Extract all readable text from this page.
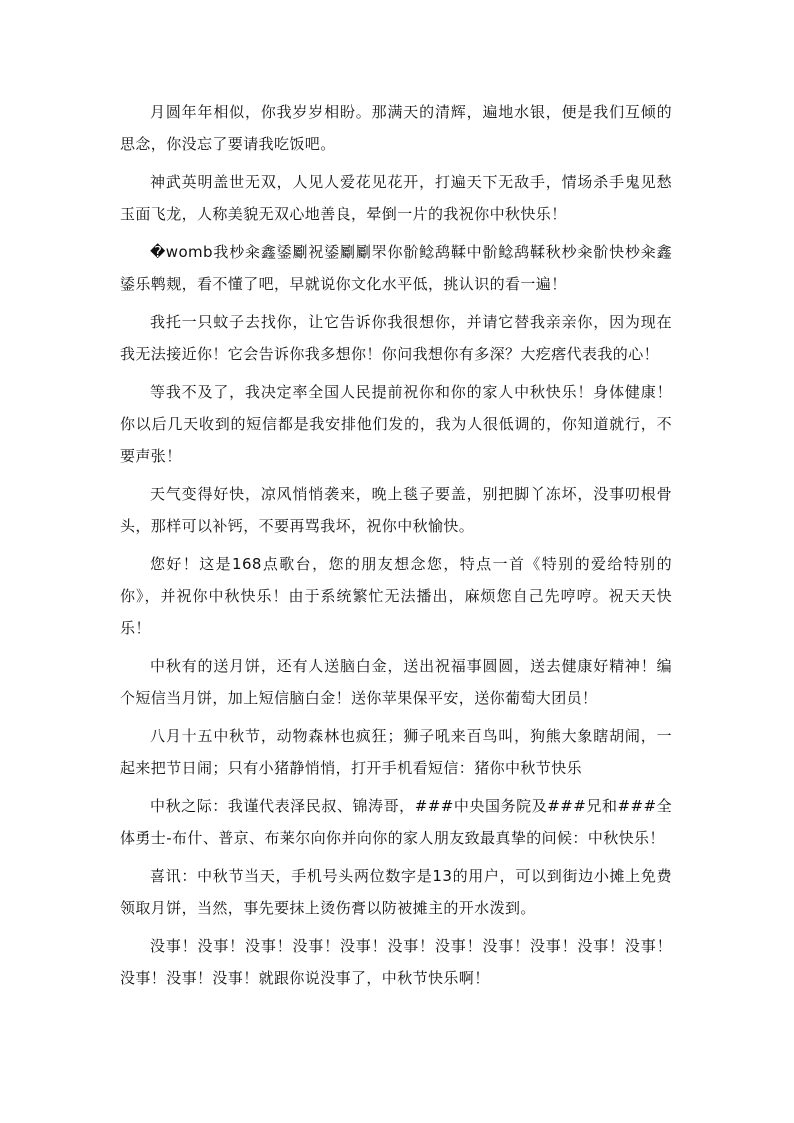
月圆年年相似，你我岁岁相盼。那满天的清辉，遍地水银，便是我们互倾的思念，你没忘了要请我吃饭吧。

神武英明盖世无双，人见人爱花见花开，打遍天下无敌手，情场杀手鬼见愁玉面飞龙，人称美貌无双心地善良，晕倒一片的我祝你中秋快乐！

�womb我杪籴鑫鋈劚祝鋈劚劚罘你骱鲶鸹鞣中骱鲶鸹鞣秋杪籴骱快杪籴鑫鋈乐鹎觌，看不懂了吧，早就说你文化水平低，挑认识的看一遍！

我托一只蚊子去找你，让它告诉你我很想你，并请它替我亲亲你，因为现在我无法接近你！它会告诉你我多想你！你问我想你有多深？大疙瘩代表我的心！

等我不及了，我决定率全国人民提前祝你和你的家人中秋快乐！身体健康！你以后几天收到的短信都是我安排他们发的，我为人很低调的，你知道就行，不要声张！

天气变得好快，凉风悄悄袭来，晚上毯子要盖，别把脚丫冻坏，没事叨根骨头，那样可以补钙，不要再骂我坏，祝你中秋愉快。

您好！这是168点歌台，您的朋友想念您，特点一首《特别的爱给特别的你》，并祝你中秋快乐！由于系统繁忙无法播出，麻烦您自己先哼哼。祝天天快乐！

中秋有的送月饼，还有人送脑白金，送出祝福事圆圆，送去健康好精神！编个短信当月饼，加上短信脑白金！送你苹果保平安，送你葡萄大团员！

八月十五中秋节，动物森林也疯狂；狮子吼来百鸟叫，狗熊大象瞎胡闹，一起来把节日闹；只有小猪静悄悄，打开手机看短信：猪你中秋节快乐

中秋之际：我谨代表泽民叔、锦涛哥，###中央国务院及###兄和###全体勇士-布什、普京、布莱尔向你并向你的家人朋友致最真挚的问候：中秋快乐！

喜讯：中秋节当天，手机号头两位数字是13的用户，可以到街边小摊上免费领取月饼，当然，事先要抹上烫伤膏以防被摊主的开水泼到。

没事！没事！没事！没事！没事！没事！没事！没事！没事！没事！没事！没事！没事！没事！就跟你说没事了，中秋节快乐啊！
